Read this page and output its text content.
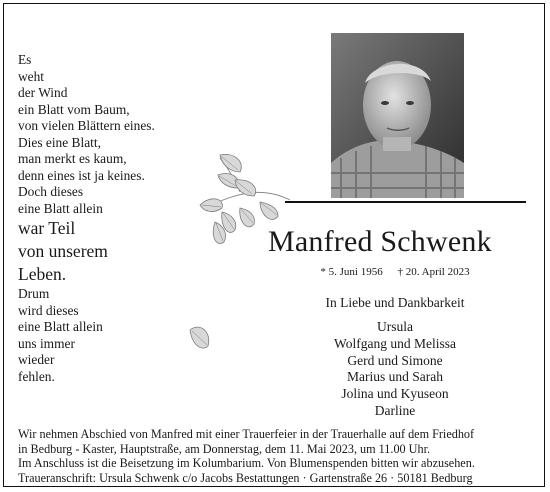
Es
weht
der Wind
ein Blatt vom Baum,
von vielen Blättern eines.
Dies eine Blatt,
man merkt es kaum,
denn eines ist ja keines.
Doch dieses
eine Blatt allein
war Teil
von unserem
Leben.
Drum
wird dieses
eine Blatt allein
uns immer
wieder
fehlen.
Manfred Schwenk
* 5. Juni 1956 † 20. April 2023
In Liebe und Dankbarkeit
Ursula
Wolfgang und Melissa
Gerd und Simone
Marius und Sarah
Jolina und Kyuseon
Darline
Wir nehmen Abschied von Manfred mit einer Trauerfeier in der Trauerhalle auf dem Friedhof
in Bedburg - Kaster, Hauptstraße, am Donnerstag, dem 11. Mai 2023, um 11.00 Uhr.
Im Anschluss ist die Beisetzung im Kolumbarium. Von Blumenspenden bitten wir abzusehen.
Traueranschrift: Ursula Schwenk c/o Jacobs Bestattungen · Gartenstraße 26 · 50181 Bedburg
